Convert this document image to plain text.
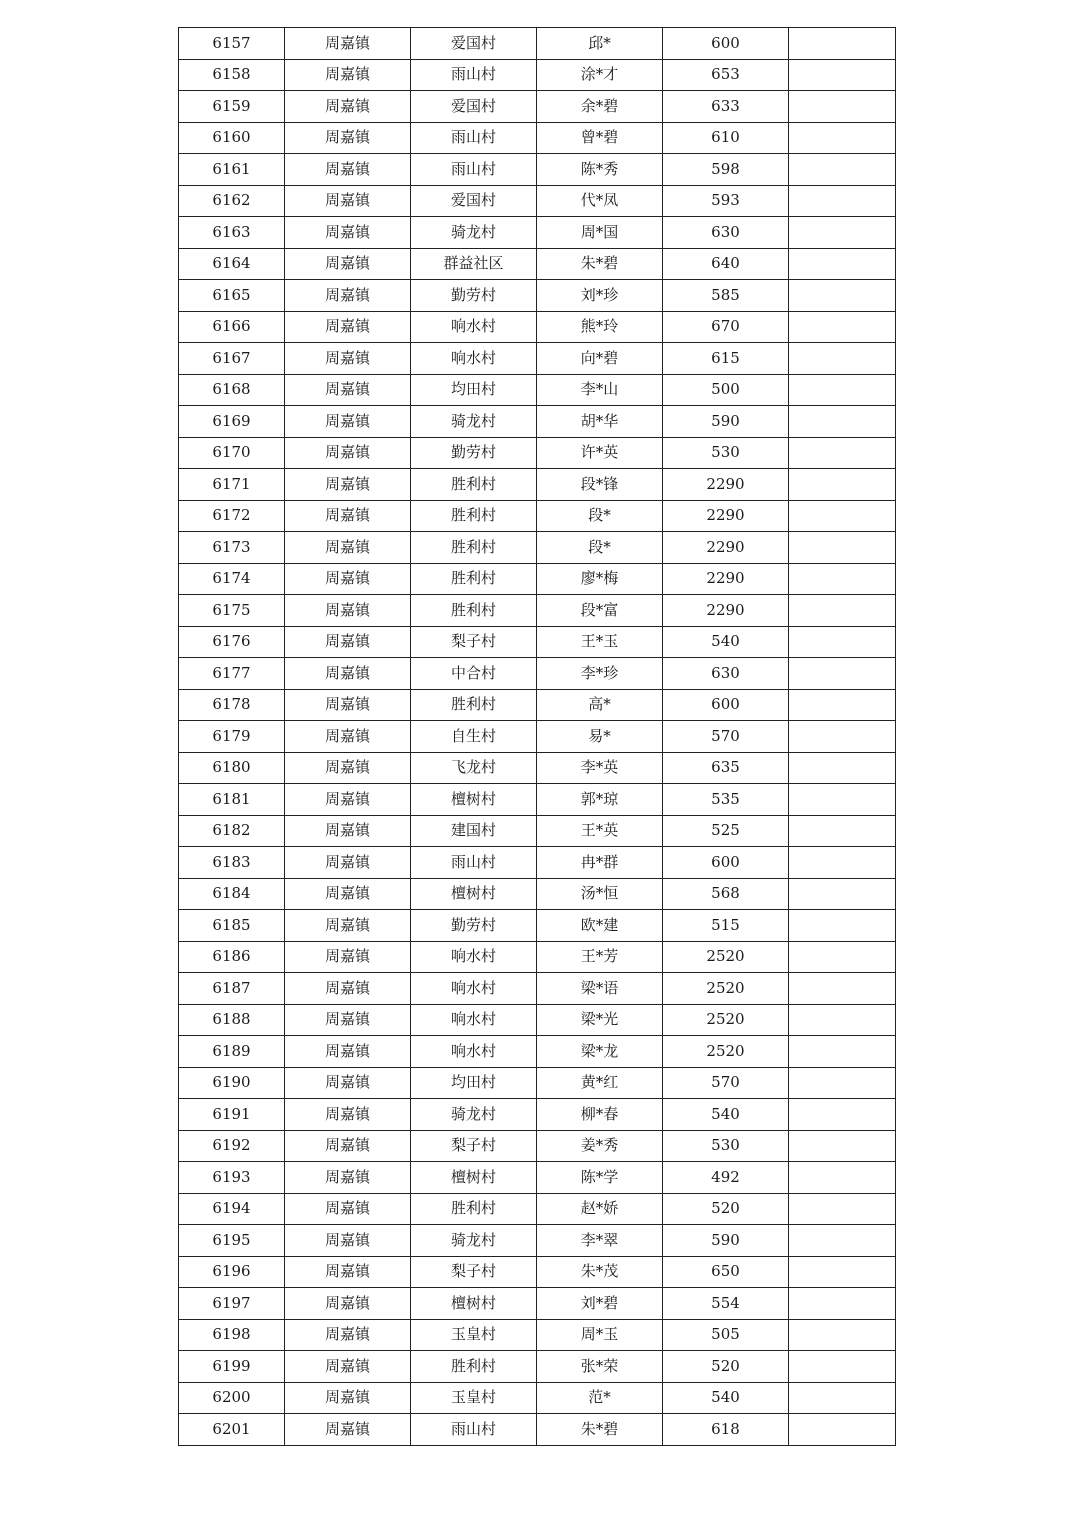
6157	周嘉镇	爱国村	邱*	600	
6158	周嘉镇	雨山村	涂*才	653	
6159	周嘉镇	爱国村	余*碧	633	
6160	周嘉镇	雨山村	曾*碧	610	
6161	周嘉镇	雨山村	陈*秀	598	
6162	周嘉镇	爱国村	代*凤	593	
6163	周嘉镇	骑龙村	周*国	630	
6164	周嘉镇	群益社区	朱*碧	640	
6165	周嘉镇	勤劳村	刘*珍	585	
6166	周嘉镇	响水村	熊*玲	670	
6167	周嘉镇	响水村	向*碧	615	
6168	周嘉镇	均田村	李*山	500	
6169	周嘉镇	骑龙村	胡*华	590	
6170	周嘉镇	勤劳村	许*英	530	
6171	周嘉镇	胜利村	段*锋	2290	
6172	周嘉镇	胜利村	段*	2290	
6173	周嘉镇	胜利村	段*	2290	
6174	周嘉镇	胜利村	廖*梅	2290	
6175	周嘉镇	胜利村	段*富	2290	
6176	周嘉镇	梨子村	王*玉	540	
6177	周嘉镇	中合村	李*珍	630	
6178	周嘉镇	胜利村	高*	600	
6179	周嘉镇	自生村	易*	570	
6180	周嘉镇	飞龙村	李*英	635	
6181	周嘉镇	檀树村	郭*琼	535	
6182	周嘉镇	建国村	王*英	525	
6183	周嘉镇	雨山村	冉*群	600	
6184	周嘉镇	檀树村	汤*恒	568	
6185	周嘉镇	勤劳村	欧*建	515	
6186	周嘉镇	响水村	王*芳	2520	
6187	周嘉镇	响水村	梁*语	2520	
6188	周嘉镇	响水村	梁*光	2520	
6189	周嘉镇	响水村	梁*龙	2520	
6190	周嘉镇	均田村	黄*红	570	
6191	周嘉镇	骑龙村	柳*春	540	
6192	周嘉镇	梨子村	姜*秀	530	
6193	周嘉镇	檀树村	陈*学	492	
6194	周嘉镇	胜利村	赵*娇	520	
6195	周嘉镇	骑龙村	李*翠	590	
6196	周嘉镇	梨子村	朱*茂	650	
6197	周嘉镇	檀树村	刘*碧	554	
6198	周嘉镇	玉皇村	周*玉	505	
6199	周嘉镇	胜利村	张*荣	520	
6200	周嘉镇	玉皇村	范*	540	
6201	周嘉镇	雨山村	朱*碧	618	
